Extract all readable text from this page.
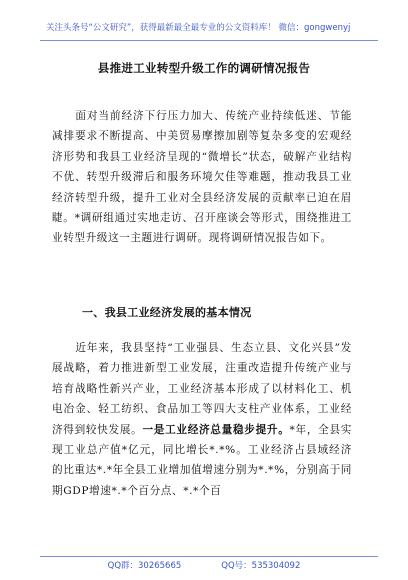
关注头条号“公文研究”，获得最新最全最专业的公文资料库！ 微信：gongwenyj
县推进工业转型升级工作的调研情况报告
面对当前经济下行压力加大、传统产业持续低迷、节能减排要求不断提高、中美贸易摩擦加剧等复杂多变的宏观经济形势和我县工业经济呈现的“微增长”状态，破解产业结构不优、转型升级滞后和服务环境欠佳等难题，推动我县工业经济转型升级，提升工业对全县经济发展的贡献率已迫在眉睫。*调研组通过实地走访、召开座谈会等形式，围绕推进工业转型升级这一主题进行调研。现将调研情况报告如下。
一、我县工业经济发展的基本情况
近年来，我县坚持“工业强县、生态立县、文化兴县”发展战略，着力推进新型工业发展，注重改造提升传统产业与培育战略性新兴产业，工业经济基本形成了以材料化工、机电冶金、轻工纺织、食品加工等四大支柱产业体系，工业经济得到较快发展。一是工业经济总量稳步提升。*年，全县实现工业总产值*亿元，同比增长*.*%。工业经济占县域经济的比重达*.*年全县工业增加值增速分别为*.*%，分别高于同期GDP增速*.*个百分点、*.*个百
QQ群：30265665	QQ号：535304092
